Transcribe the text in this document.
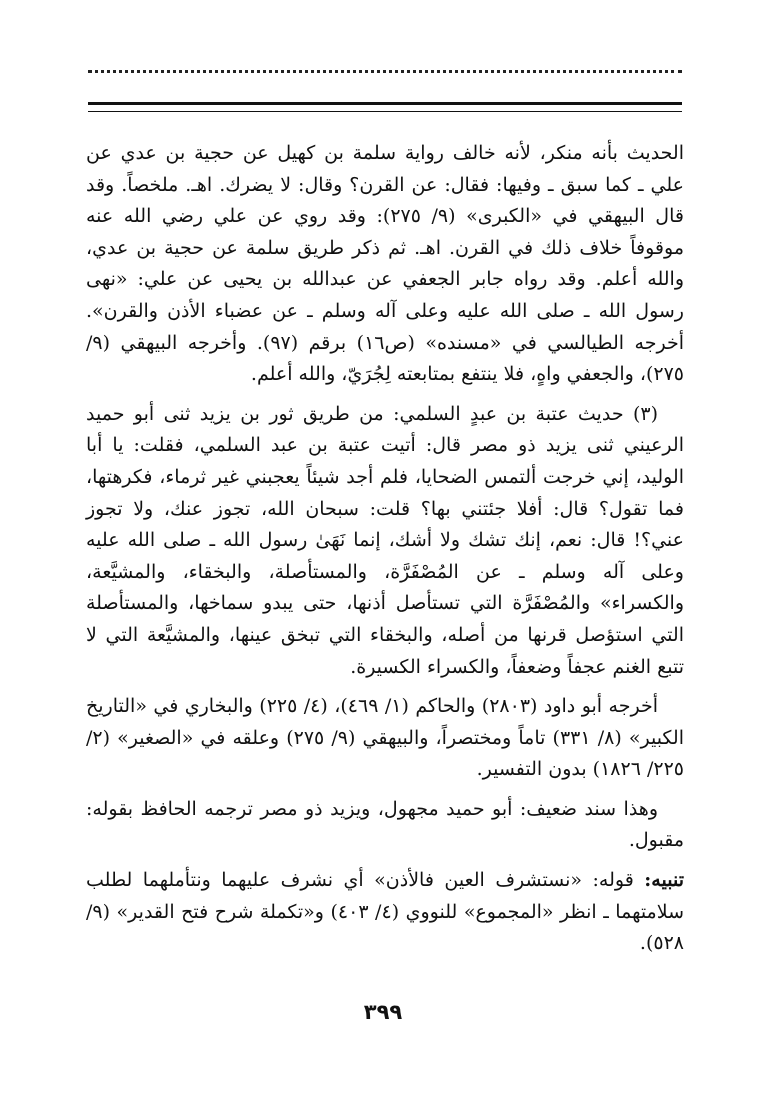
الحديث بأنه منكر، لأنه خالف رواية سلمة بن كهيل عن حجية بن عدي عن علي ـ كما سبق ـ وفيها: فقال: عن القرن؟ وقال: لا يضرك. اهـ. ملخصاً. وقد قال البيهقي في «الكبرى» (٩/ ٢٧٥): وقد روي عن علي رضي الله عنه موقوفاً خلاف ذلك في القرن. اهـ. ثم ذكر طريق سلمة عن حجية بن عدي، والله أعلم. وقد رواه جابر الجعفي عن عبدالله بن يحيى عن علي: «نهى رسول الله ـ صلى الله عليه وعلى آله وسلم ـ عن عضباء الأذن والقرن». أخرجه الطيالسي في «مسنده» (ص١٦) برقم (٩٧). وأخرجه البيهقي (٩/ ٢٧٥)، والجعفي واهٍ، فلا ينتفع بمتابعته لِجُرَيّ، والله أعلم.

(٣) حديث عتبة بن عبدٍ السلمي: من طريق ثور بن يزيد ثنى أبو حميد الرعيني ثنى يزيد ذو مصر قال: أتيت عتبة بن عبد السلمي، فقلت: يا أبا الوليد، إني خرجت ألتمس الضحايا، فلم أجد شيئاً يعجبني غير ثرماء، فكرهتها، فما تقول؟ قال: أفلا جئتني بها؟ قلت: سبحان الله، تجوز عنك، ولا تجوز عني؟! قال: نعم، إنك تشك ولا أشك، إنما نَهَىٰ رسول الله ـ صلى الله عليه وعلى آله وسلم ـ عن المُصْفَرَّة، والمستأصلة، والبخقاء، والمشيَّعة، والكسراء» والمُصْفَرَّة التي تستأصل أذنها، حتى يبدو سماخها، والمستأصلة التي استؤصل قرنها من أصله، والبخقاء التي تبخق عينها، والمشيَّعة التي لا تتبع الغنم عجفاً وضعفاً، والكسراء الكسيرة.

أخرجه أبو داود (٢٨٠٣) والحاكم (١/ ٤٦٩)، (٤/ ٢٢٥) والبخاري في «التاريخ الكبير» (٨/ ٣٣١) تاماً ومختصراً، والبيهقي (٩/ ٢٧٥) وعلقه في «الصغير» (٢/ ٢٢٥/ ١٨٢٦) بدون التفسير.

وهذا سند ضعيف: أبو حميد مجهول، ويزيد ذو مصر ترجمه الحافظ بقوله: مقبول.

تنبيه: قوله: «نستشرف العين فالأذن» أي نشرف عليهما ونتأملهما لطلب سلامتهما ـ انظر «المجموع» للنووي (٤/ ٤٠٣) و«تكملة شرح فتح القدير» (٩/ ٥٢٨).

٣٩٩
